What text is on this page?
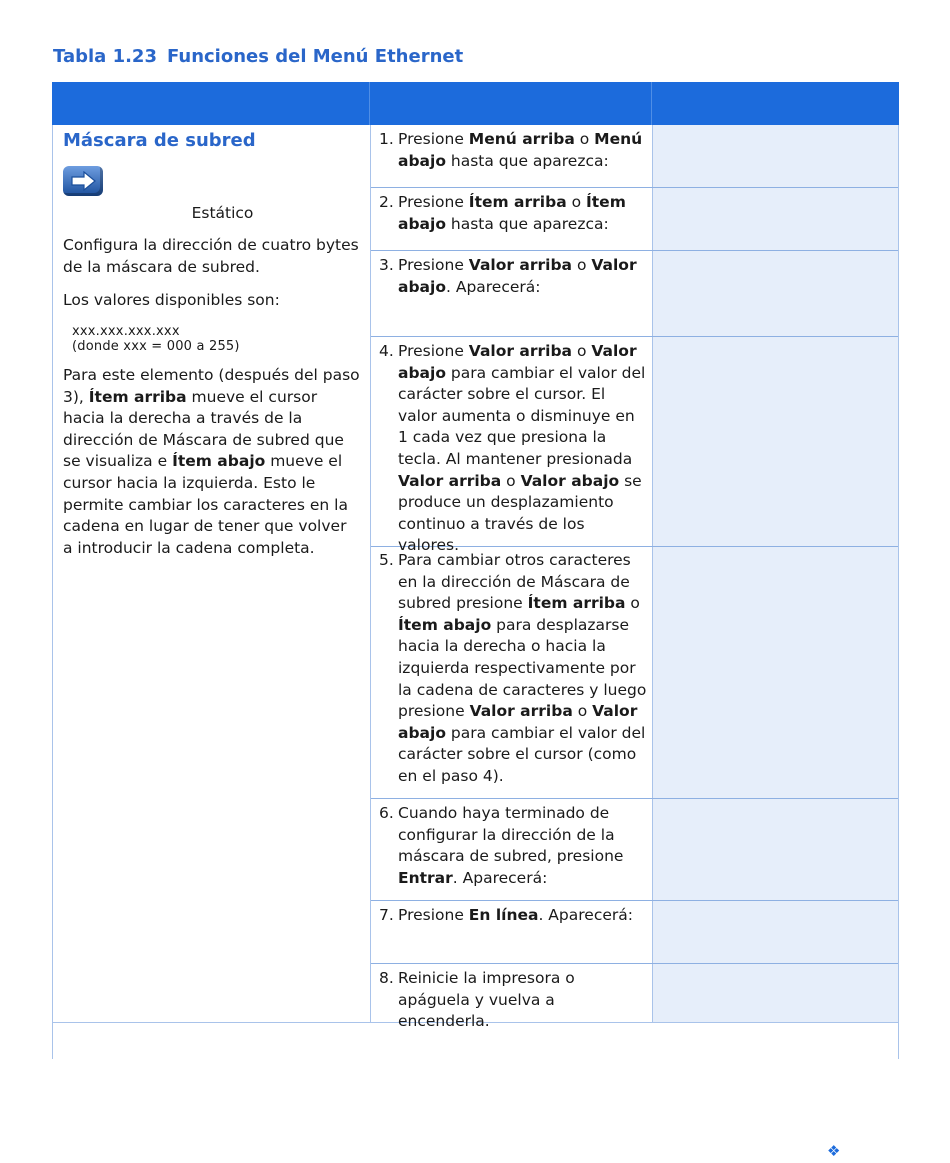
Tabla 1.23 Funciones del Menú Ethernet
Máscara de subred
Estático

Configura la dirección de cuatro bytes de la máscara de subred.

Los valores disponibles son:

xxx.xxx.xxx.xxx
(donde xxx = 000 a 255)

Para este elemento (después del paso 3), Ítem arriba mueve el cursor hacia la derecha a través de la dirección de Máscara de subred que se visualiza e Ítem abajo mueve el cursor hacia la izquierda. Esto le permite cambiar los caracteres en la cadena en lugar de tener que volver a introducir la cadena completa.

1. Presione Menú arriba o Menú abajo hasta que aparezca:
2. Presione Ítem arriba o Ítem abajo hasta que aparezca:
3. Presione Valor arriba o Valor abajo. Aparecerá:
4. Presione Valor arriba o Valor abajo para cambiar el valor del carácter sobre el cursor. El valor aumenta o disminuye en 1 cada vez que presiona la tecla. Al mantener presionada Valor arriba o Valor abajo se produce un desplazamiento continuo a través de los valores.
5. Para cambiar otros caracteres en la dirección de Máscara de subred presione Ítem arriba o Ítem abajo para desplazarse hacia la derecha o hacia la izquierda respectivamente por la cadena de caracteres y luego presione Valor arriba o Valor abajo para cambiar el valor del carácter sobre el cursor (como en el paso 4).
6. Cuando haya terminado de configurar la dirección de la máscara de subred, presione Entrar. Aparecerá:
7. Presione En línea. Aparecerá:
8. Reinicie la impresora o apáguela y vuelva a encenderla.
❖
